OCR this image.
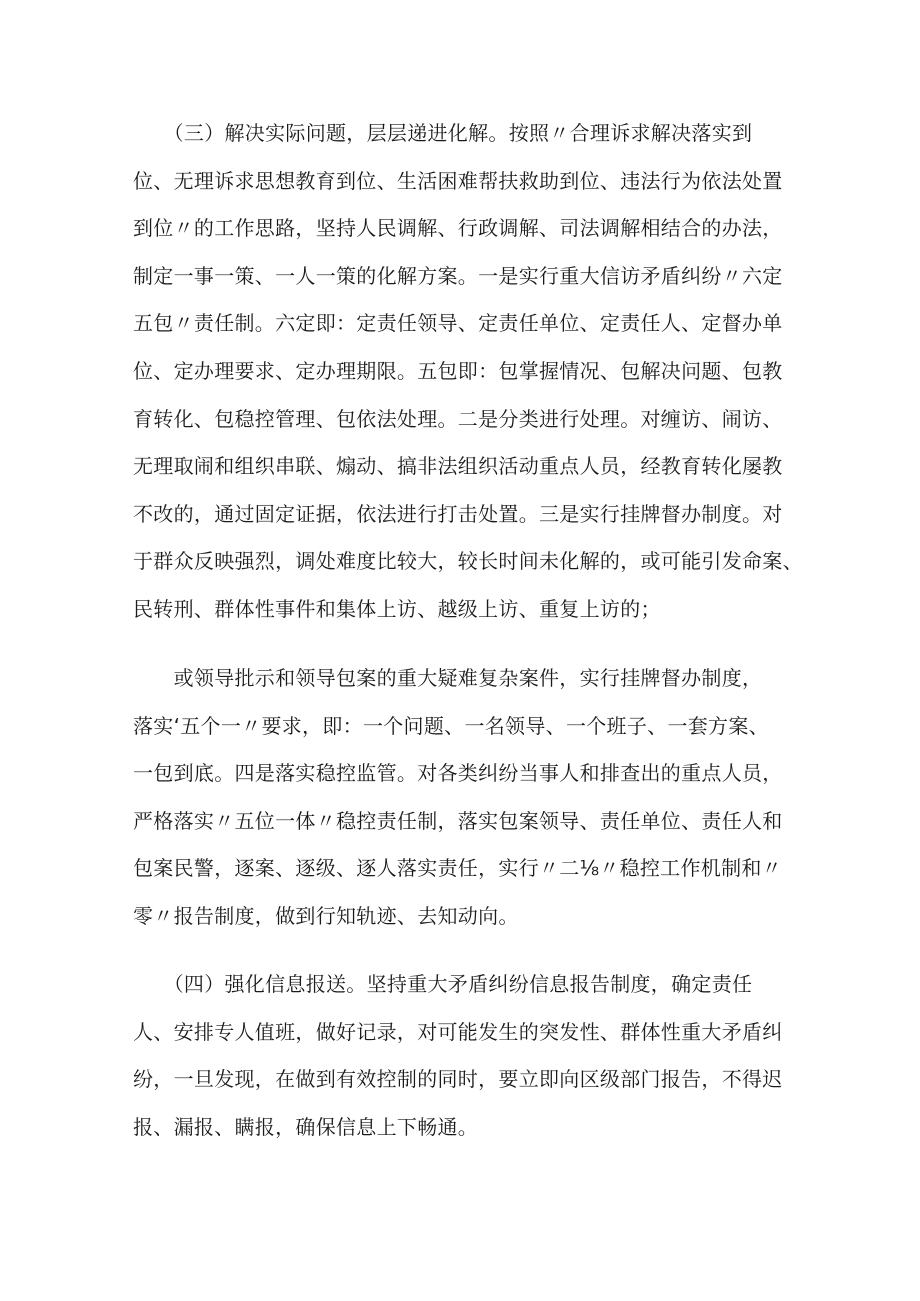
　　（三）解决实际问题，层层递进化解。按照〃合理诉求解决落实到
位、无理诉求思想教育到位、生活困难帮扶救助到位、违法行为依法处置
到位〃的工作思路，坚持人民调解、行政调解、司法调解相结合的办法，
制定一事一策、一人一策的化解方案。一是实行重大信访矛盾纠纷〃六定
五包〃责任制。六定即：定责任领导、定责任单位、定责任人、定督办单
位、定办理要求、定办理期限。五包即：包掌握情况、包解决问题、包教
育转化、包稳控管理、包依法处理。二是分类进行处理。对缠访、闹访、
无理取闹和组织串联、煽动、搞非法组织活动重点人员，经教育转化屡教
不改的，通过固定证据，依法进行打击处置。三是实行挂牌督办制度。对
于群众反映强烈，调处难度比较大，较长时间未化解的，或可能引发命案、
民转刑、群体性事件和集体上访、越级上访、重复上访的；
　　或领导批示和领导包案的重大疑难复杂案件，实行挂牌督办制度，
落实‘五个一〃要求，即：一个问题、一名领导、一个班子、一套方案、
一包到底。四是落实稳控监管。对各类纠纷当事人和排查出的重点人员，
严格落实〃五位一体〃稳控责任制，落实包案领导、责任单位、责任人和
包案民警，逐案、逐级、逐人落实责任，实行〃二⅛〃稳控工作机制和〃
零〃报告制度，做到行知轨迹、去知动向。
　　（四）强化信息报送。坚持重大矛盾纠纷信息报告制度，确定责任
人、安排专人值班，做好记录，对可能发生的突发性、群体性重大矛盾纠
纷，一旦发现，在做到有效控制的同时，要立即向区级部门报告，不得迟
报、漏报、瞒报，确保信息上下畅通。
